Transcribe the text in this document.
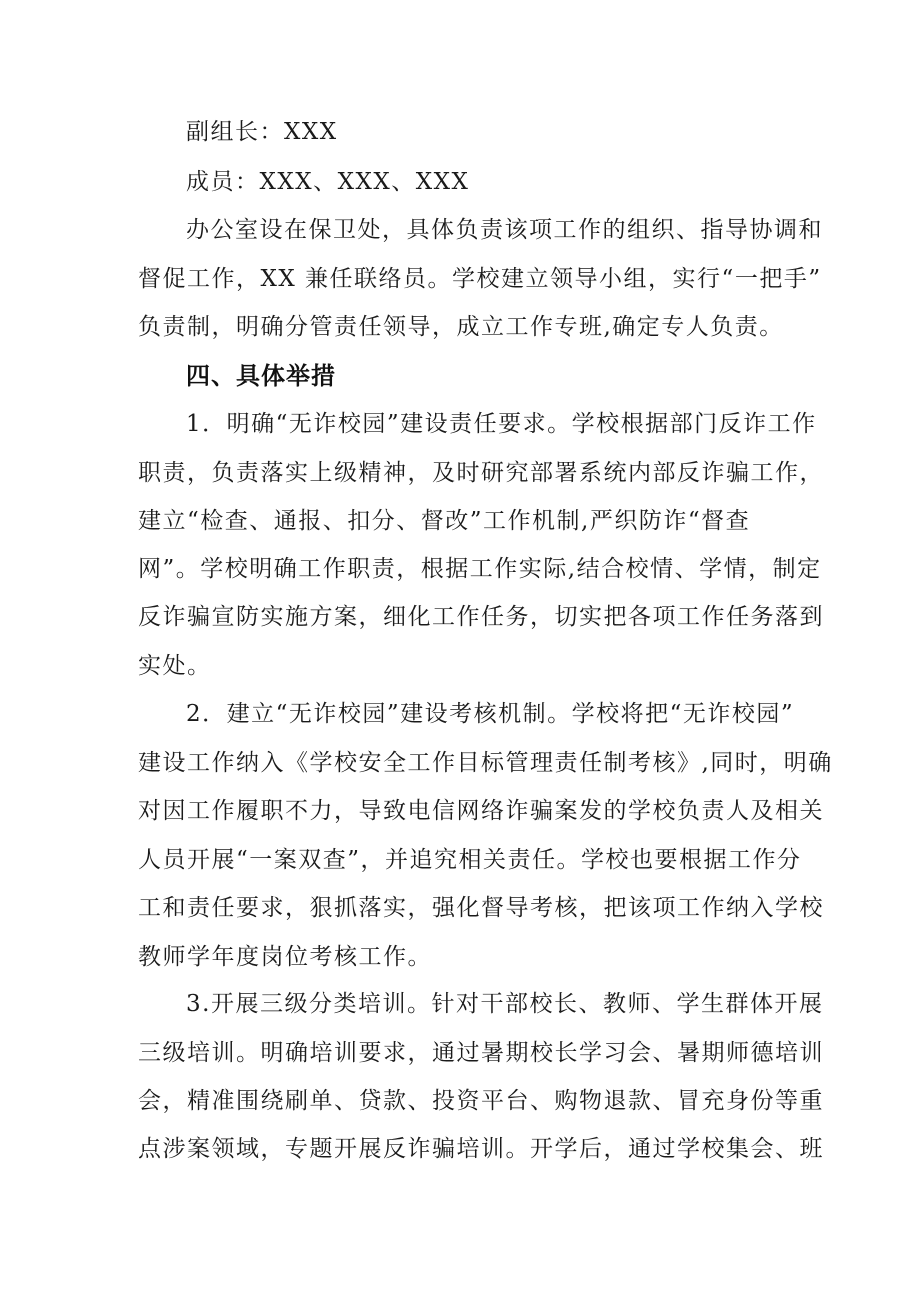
副组长：XXX
成员：XXX、XXX、XXX
办公室设在保卫处，具体负责该项工作的组织、指导协调和
督促工作，XX 兼任联络员。学校建立领导小组，实行“一把手”
负责制，明确分管责任领导，成立工作专班,确定专人负责。
四、具体举措
1．明确“无诈校园”建设责任要求。学校根据部门反诈工作
职责，负责落实上级精神，及时研究部署系统内部反诈骗工作，
建立“检查、通报、扣分、督改”工作机制,严织防诈“督查
网”。学校明确工作职责，根据工作实际,结合校情、学情，制定
反诈骗宣防实施方案，细化工作任务，切实把各项工作任务落到
实处。
2．建立“无诈校园”建设考核机制。学校将把“无诈校园”
建设工作纳入《学校安全工作目标管理责任制考核》,同时，明确
对因工作履职不力，导致电信网络诈骗案发的学校负责人及相关
人员开展“一案双查”，并追究相关责任。学校也要根据工作分
工和责任要求，狠抓落实，强化督导考核，把该项工作纳入学校
教师学年度岗位考核工作。
3.开展三级分类培训。针对干部校长、教师、学生群体开展
三级培训。明确培训要求，通过暑期校长学习会、暑期师德培训
会，精准围绕刷单、贷款、投资平台、购物退款、冒充身份等重
点涉案领域，专题开展反诈骗培训。开学后，通过学校集会、班
